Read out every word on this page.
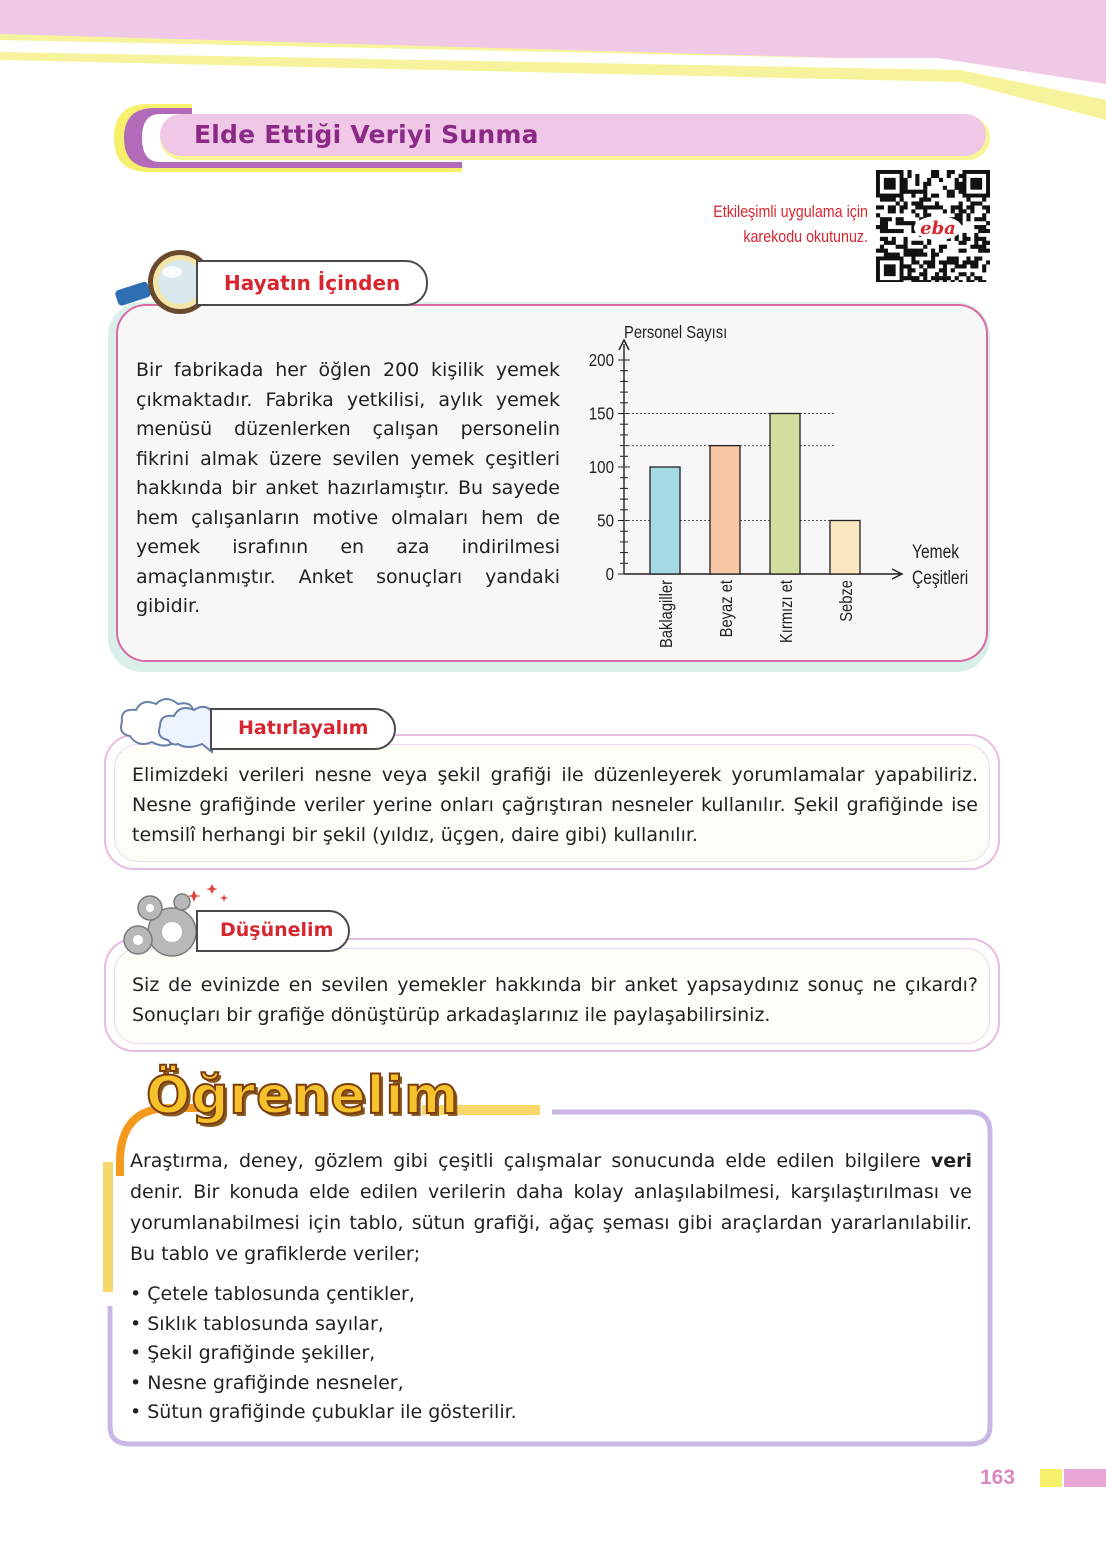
Elde Ettiği Veriyi Sunma
Etkileşimli uygulama için
karekodu okutunuz.	eba
Hayatın İçinden
Bir fabrikada her öğlen 200 kişilik yemek çıkmaktadır. Fabrika yetkilisi, aylık yemek menüsü düzenlerken çalışan personelin fikrini almak üzere sevilen yemek çeşitleri hakkında bir anket hazırlamıştır. Bu sayede hem çalışanların motive olmaları hem de yemek israfının en aza indirilmesi amaçlanmıştır. Anket sonuçları yandaki gibidir.
0
50
100
150
200
Personel Sayısı
Yemek
Çeşitleri
Baklagiller Beyaz et Kırmızı et Sebze
Hatırlayalım
Elimizdeki verileri nesne veya şekil grafiği ile düzenleyerek yorumlamalar yapabiliriz. Nesne grafiğinde veriler yerine onları çağrıştıran nesneler kullanılır. Şekil grafiğinde ise temsilî herhangi bir şekil (yıldız, üçgen, daire gibi) kullanılır.
Düşünelim
Siz de evinizde en sevilen yemekler hakkında bir anket yapsaydınız sonuç ne çıkardı? Sonuçları bir grafiğe dönüştürüp arkadaşlarınız ile paylaşabilirsiniz.
Öğrenelim
Araştırma, deney, gözlem gibi çeşitli çalışmalar sonucunda elde edilen bilgilere veri denir. Bir konuda elde edilen verilerin daha kolay anlaşılabilmesi, karşılaştırılması ve yorumlanabilmesi için tablo, sütun grafiği, ağaç şeması gibi araçlardan yararlanılabilir. Bu tablo ve grafiklerde veriler;
• Çetele tablosunda çentikler,
• Sıklık tablosunda sayılar,
• Şekil grafiğinde şekiller,
• Nesne grafiğinde nesneler,
• Sütun grafiğinde çubuklar ile gösterilir.
163
